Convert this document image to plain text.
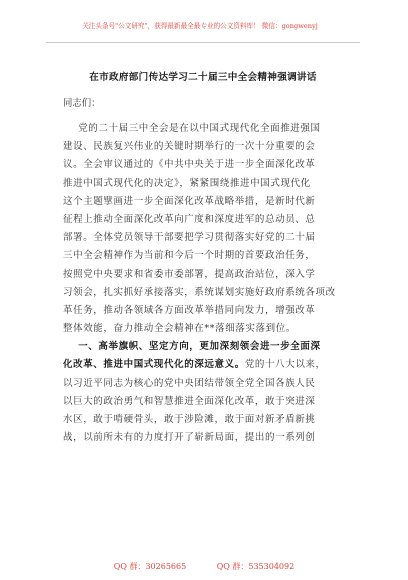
关注头条号"公文研究"，获得最新最全最专业的公文资料库！ 微信：gongwenyj
在市政府部门传达学习二十届三中全会精神强调讲话
同志们：
党的二十届三中全会是在以中国式现代化全面推进强国
建设、民族复兴伟业的关键时期举行的一次十分重要的会
议。全会审议通过的《中共中央关于进一步全面深化改革
推进中国式现代化的决定》，紧紧围绕推进中国式现代化
这个主题擘画进一步全面深化改革战略举措，是新时代新
征程上推动全面深化改革向广度和深度进军的总动员、总
部署。全体党员领导干部要把学习贯彻落实好党的二十届
三中全会精神作为当前和今后一个时期的首要政治任务，
按照党中央要求和省委市委部署，提高政治站位，深入学
习领会，扎实抓好承接落实，系统谋划实施好政府系统各项改
革任务，推动各领域各方面改革举措同向发力，增强改革
整体效能，奋力推动全会精神在**落细落实落到位。
一、高举旗帜、坚定方向，更加深刻领会进一步全面深
化改革、推进中国式现代化的深远意义。党的十八大以来，
以习近平同志为核心的党中央团结带领全党全国各族人民
以巨大的政治勇气和智慧推进全面深化改革，敢于突进深
水区，敢于啃硬骨头，敢于涉险滩，敢于面对新矛盾新挑
战，以前所未有的力度打开了崭新局面，提出的一系列创
QQ 群：30265665	QQ 群：535304092
